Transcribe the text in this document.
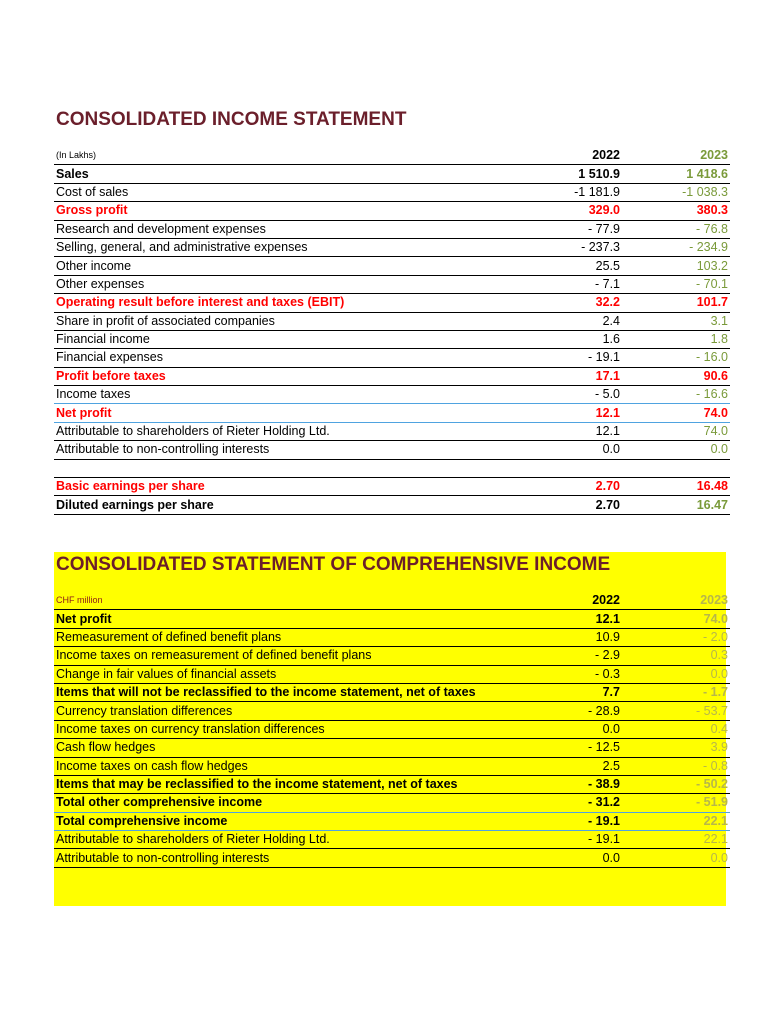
CONSOLIDATED INCOME STATEMENT
(In Lakhs)	2022	2023
Sales	1 510.9	1 418.6
Cost of sales	-1 181.9	-1 038.3
Gross profit	329.0	380.3
Research and development expenses	- 77.9	- 76.8
Selling, general, and administrative expenses	- 237.3	- 234.9
Other income	25.5	103.2
Other expenses	- 7.1	- 70.1
Operating result before interest and taxes (EBIT)	32.2	101.7
Share in profit of associated companies	2.4	3.1
Financial income	1.6	1.8
Financial expenses	- 19.1	- 16.0
Profit before taxes	17.1	90.6
Income taxes	- 5.0	- 16.6
Net profit	12.1	74.0
Attributable to shareholders of Rieter Holding Ltd.	12.1	74.0
Attributable to non-controlling interests	0.0	0.0

Basic earnings per share	2.70	16.48
Diluted earnings per share	2.70	16.47
CONSOLIDATED STATEMENT OF COMPREHENSIVE INCOME
CHF million	2022	2023
Net profit	12.1	74.0
Remeasurement of defined benefit plans	10.9	- 2.0
Income taxes on remeasurement of defined benefit plans	- 2.9	0.3
Change in fair values of financial assets	- 0.3	0.0
Items that will not be reclassified to the income statement, net of taxes	7.7	- 1.7
Currency translation differences	- 28.9	- 53.7
Income taxes on currency translation differences	0.0	0.4
Cash flow hedges	- 12.5	3.9
Income taxes on cash flow hedges	2.5	- 0.8
Items that may be reclassified to the income statement, net of taxes	- 38.9	- 50.2
Total other comprehensive income	- 31.2	- 51.9
Total comprehensive income	- 19.1	22.1
Attributable to shareholders of Rieter Holding Ltd.	- 19.1	22.1
Attributable to non-controlling interests	0.0	0.0
